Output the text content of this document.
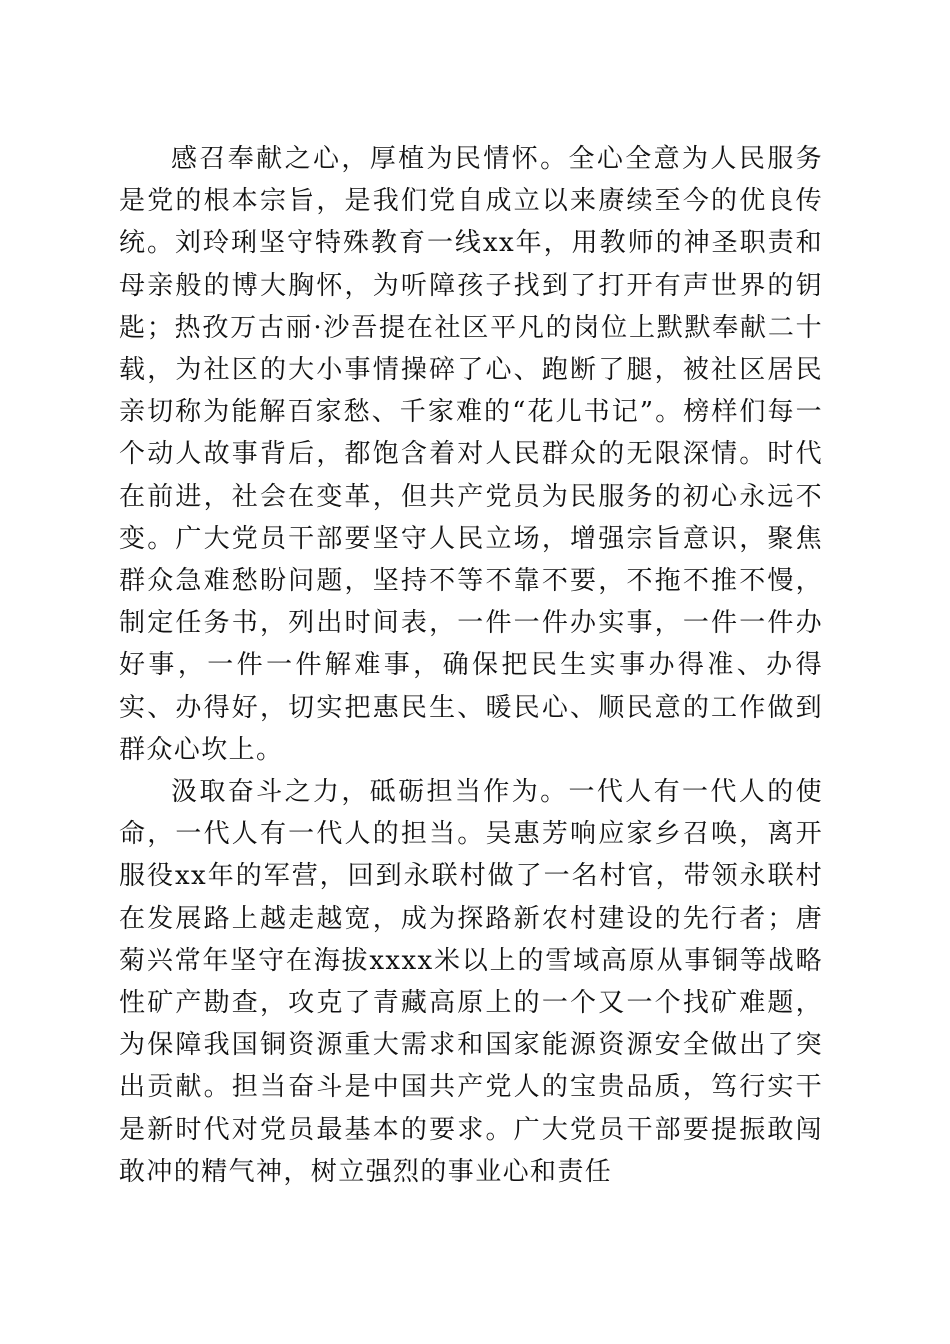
感召奉献之心，厚植为民情怀。全心全意为人民服务是党的根本宗旨，是我们党自成立以来赓续至今的优良传统。刘玲琍坚守特殊教育一线xx年，用教师的神圣职责和母亲般的博大胸怀，为听障孩子找到了打开有声世界的钥匙；热孜万古丽·沙吾提在社区平凡的岗位上默默奉献二十载，为社区的大小事情操碎了心、跑断了腿，被社区居民亲切称为能解百家愁、千家难的“花儿书记”。榜样们每一个动人故事背后，都饱含着对人民群众的无限深情。时代在前进，社会在变革，但共产党员为民服务的初心永远不变。广大党员干部要坚守人民立场，增强宗旨意识，聚焦群众急难愁盼问题，坚持不等不靠不要，不拖不推不慢，制定任务书，列出时间表，一件一件办实事，一件一件办好事，一件一件解难事，确保把民生实事办得准、办得实、办得好，切实把惠民生、暖民心、顺民意的工作做到群众心坎上。

汲取奋斗之力，砥砺担当作为。一代人有一代人的使命，一代人有一代人的担当。吴惠芳响应家乡召唤，离开服役xx年的军营，回到永联村做了一名村官，带领永联村在发展路上越走越宽，成为探路新农村建设的先行者；唐菊兴常年坚守在海拔xxxx米以上的雪域高原从事铜等战略性矿产勘查，攻克了青藏高原上的一个又一个找矿难题，为保障我国铜资源重大需求和国家能源资源安全做出了突出贡献。担当奋斗是中国共产党人的宝贵品质，笃行实干是新时代对党员最基本的要求。广大党员干部要提振敢闯敢冲的精气神，树立强烈的事业心和责任
